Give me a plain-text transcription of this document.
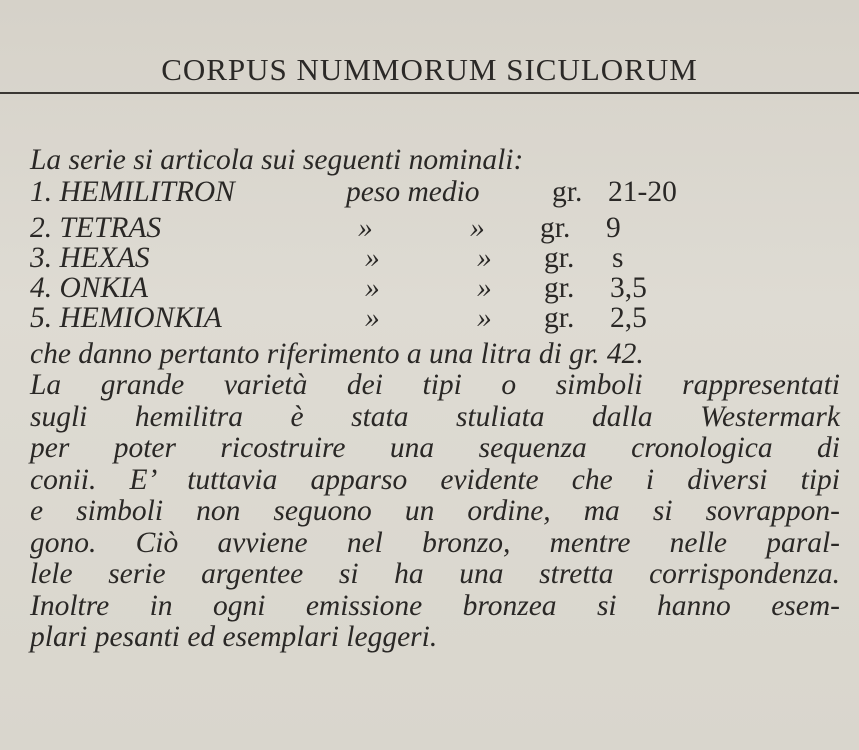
CORPUS NUMMORUM SICULORUM
La serie si articola sui seguenti nominali:
1. HEMILITRON	peso medio gr. 21-20
2. TETRAS	»	» gr. 9
3. HEXAS	»	» gr. s
4. ONKIA	»	» gr. 3,5
5. HEMIONKIA	»	» gr. 2,5
che danno pertanto riferimento a una litra di gr. 42.
La grande varietà dei tipi o simboli rappresentati
sugli hemilitra è stata stuliata dalla Westermark
per poter ricostruire una sequenza cronologica di
conii. E’ tuttavia apparso evidente che i diversi tipi
e simboli non seguono un ordine, ma si sovrappon-
gono. Ciò avviene nel bronzo, mentre nelle paral-
lele serie argentee si ha una stretta corrispondenza.
Inoltre in ogni emissione bronzea si hanno esem-
plari pesanti ed esemplari leggeri.
